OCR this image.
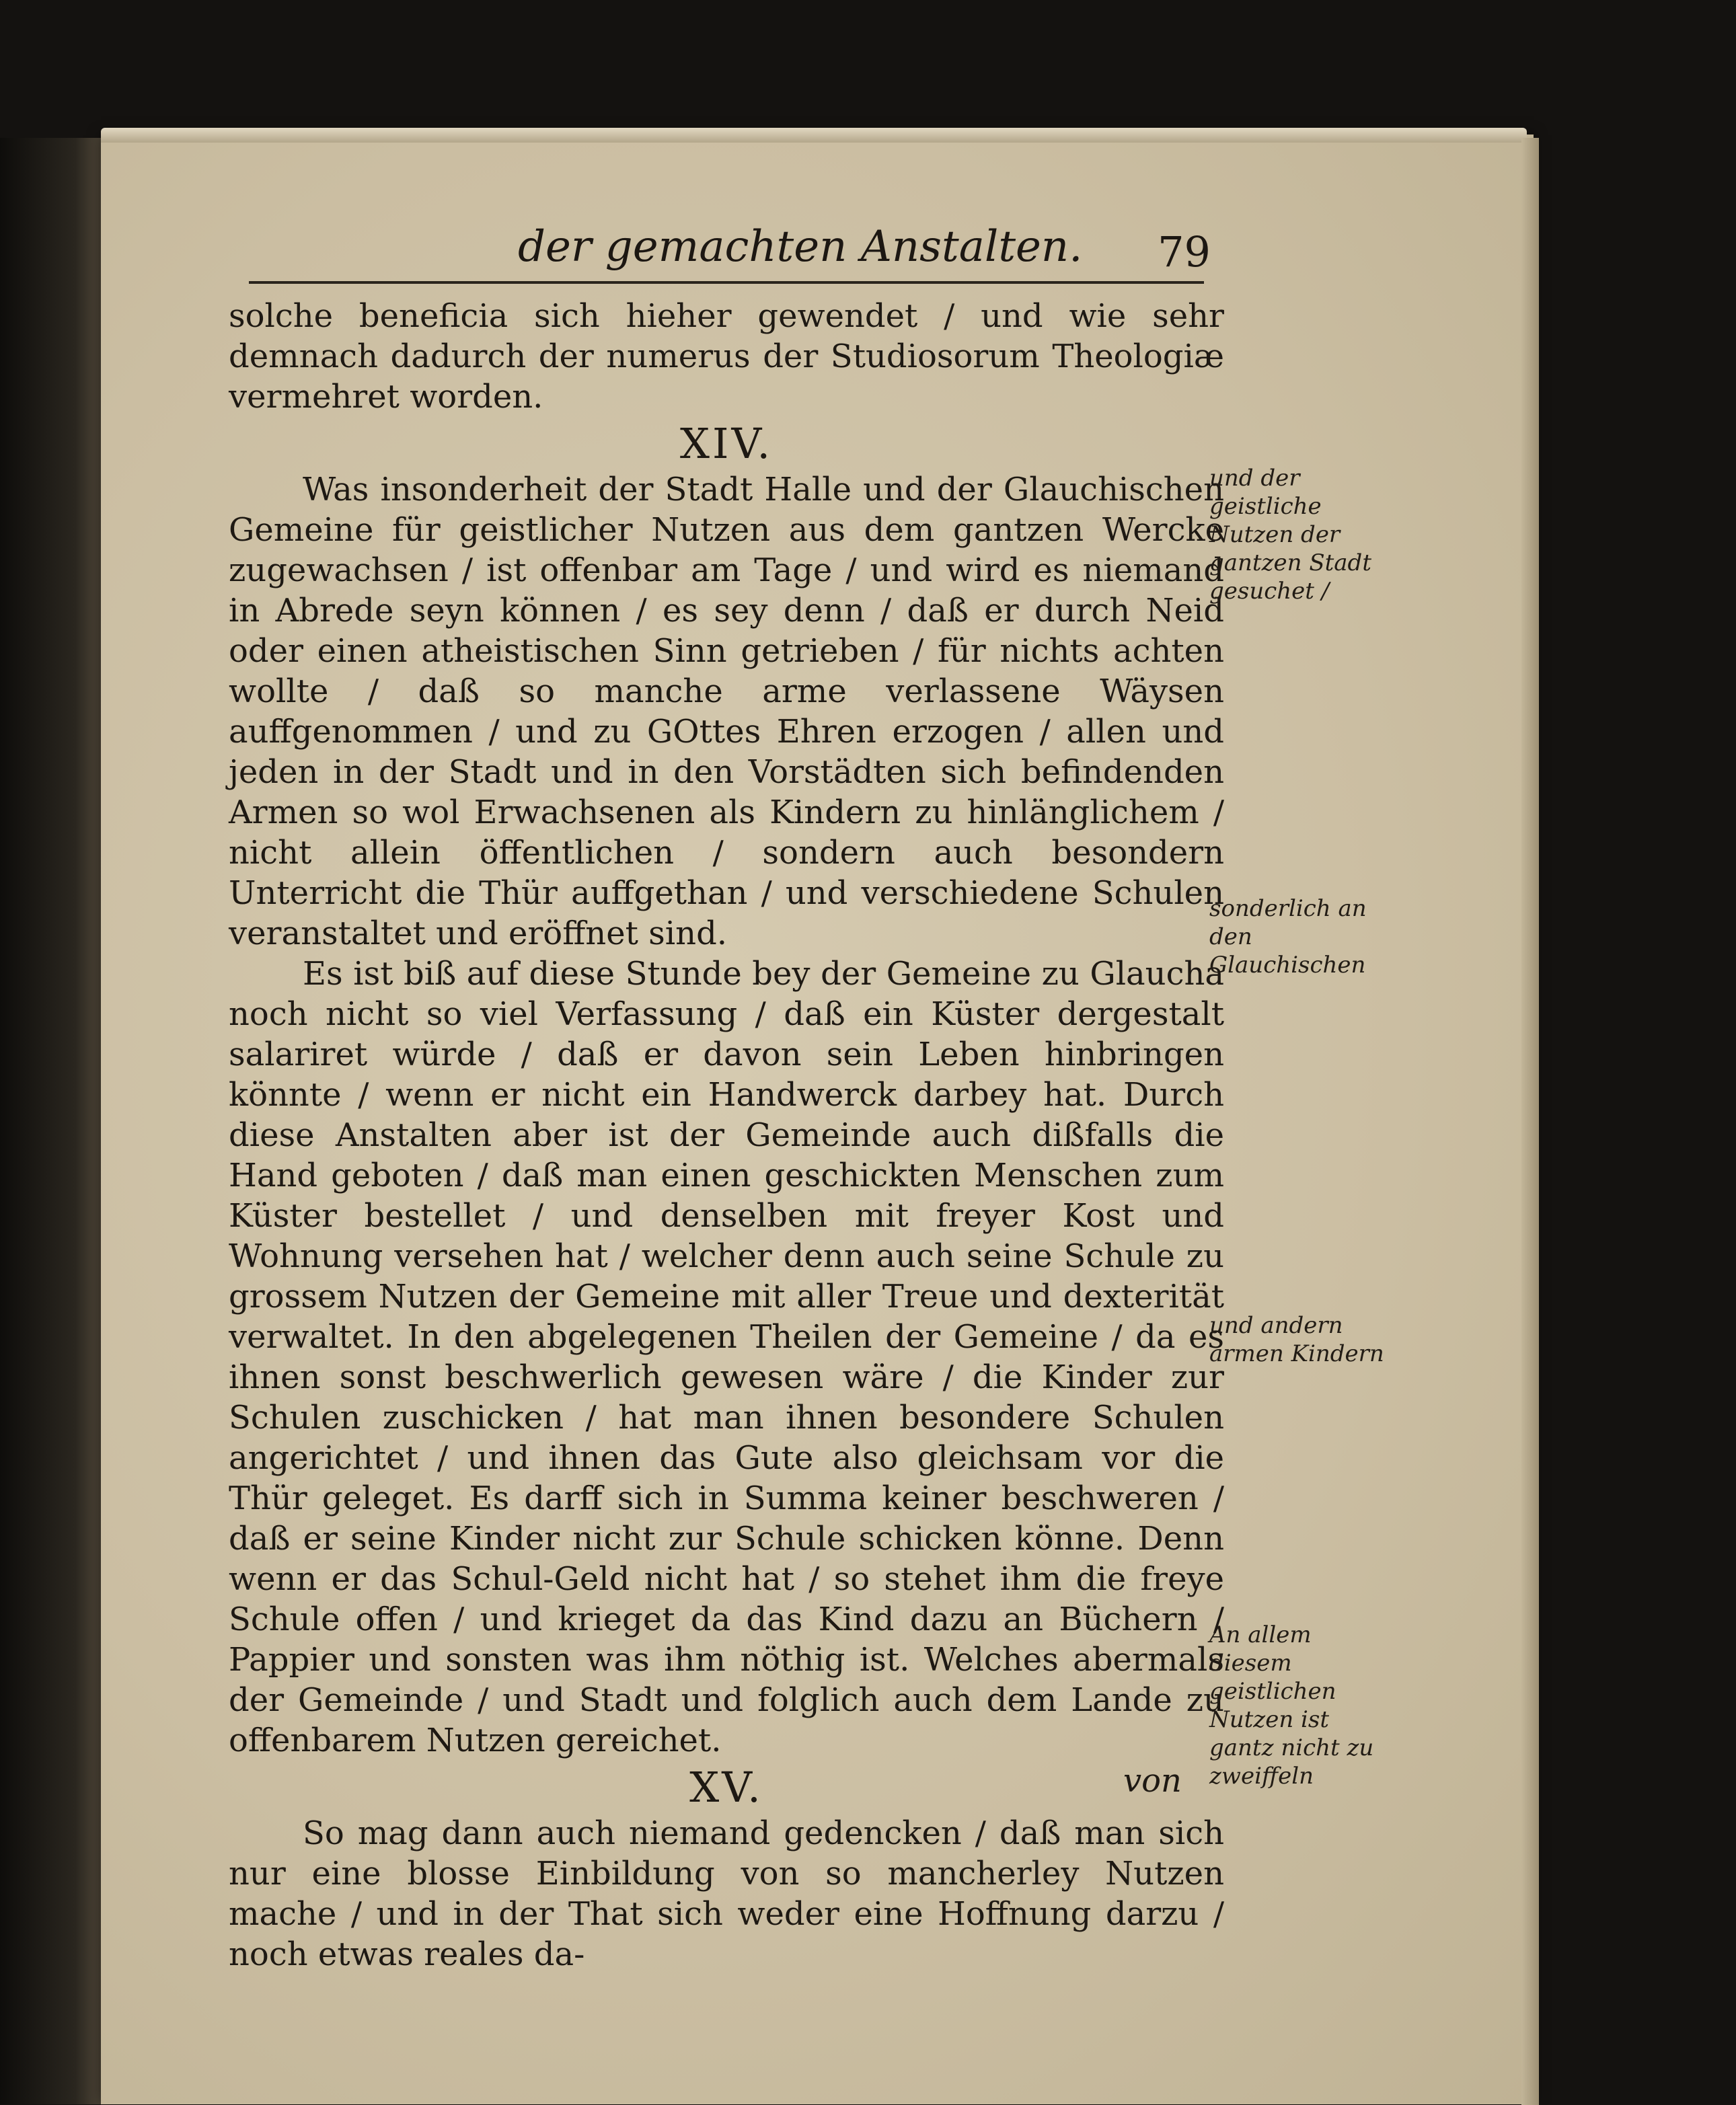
der gemachten Anstalten. 79

solche beneficia sich hieher gewendet / und wie sehr demnach dadurch der numerus der Studiosorum Theologiæ vermehret worden.

XIV.

Was insonderheit der Stadt Halle und der Glauchischen Gemeine für geistlicher Nutzen aus dem gantzen Wercke zugewachsen / ist offenbar am Tage / und wird es niemand in Abrede seyn können / es sey denn / daß er durch Neid oder einen atheistischen Sinn getrieben / für nichts achten wollte / daß so manche arme verlassene Wäysen auffgenommen / und zu GOttes Ehren erzogen / allen und jeden in der Stadt und in den Vorstädten sich befindenden Armen so wol Erwachsenen als Kindern zu hinlänglichem / nicht allein öffentlichen / sondern auch besondern Unterricht die Thür auffgethan / und verschiedene Schulen veranstaltet und eröffnet sind.

Es ist biß auf diese Stunde bey der Gemeine zu Glaucha noch nicht so viel Verfassung / daß ein Küster dergestalt salariret würde / daß er davon sein Leben hinbringen könnte / wenn er nicht ein Handwerck darbey hat. Durch diese Anstalten aber ist der Gemeinde auch dißfalls die Hand geboten / daß man einen geschickten Menschen zum Küster bestellet / und denselben mit freyer Kost und Wohnung versehen hat / welcher denn auch seine Schule zu grossem Nutzen der Gemeine mit aller Treue und dexterität verwaltet. In den abgelegenen Theilen der Gemeine / da es ihnen sonst beschwerlich gewesen wäre / die Kinder zur Schulen zuschicken / hat man ihnen besondere Schulen angerichtet / und ihnen das Gute also gleichsam vor die Thür geleget. Es darff sich in Summa keiner beschweren / daß er seine Kinder nicht zur Schule schicken könne. Denn wenn er das Schul-Geld nicht hat / so stehet ihm die freye Schule offen / und krieget da das Kind dazu an Büchern / Pappier und sonsten was ihm nöthig ist. Welches abermals der Gemeinde / und Stadt und folglich auch dem Lande zu offenbarem Nutzen gereichet.

XV.

So mag dann auch niemand gedencken / daß man sich nur eine blosse Einbildung von so mancherley Nutzen mache / und in der That sich weder eine Hoffnung darzu / noch etwas reales da-

von
und der geistliche Nutzen der gantzen Stadt gesuchet /
sonderlich an den Glauchischen
und andern armen Kindern
An allem diesem geistlichen Nutzen ist gantz nicht zu zweiffeln
